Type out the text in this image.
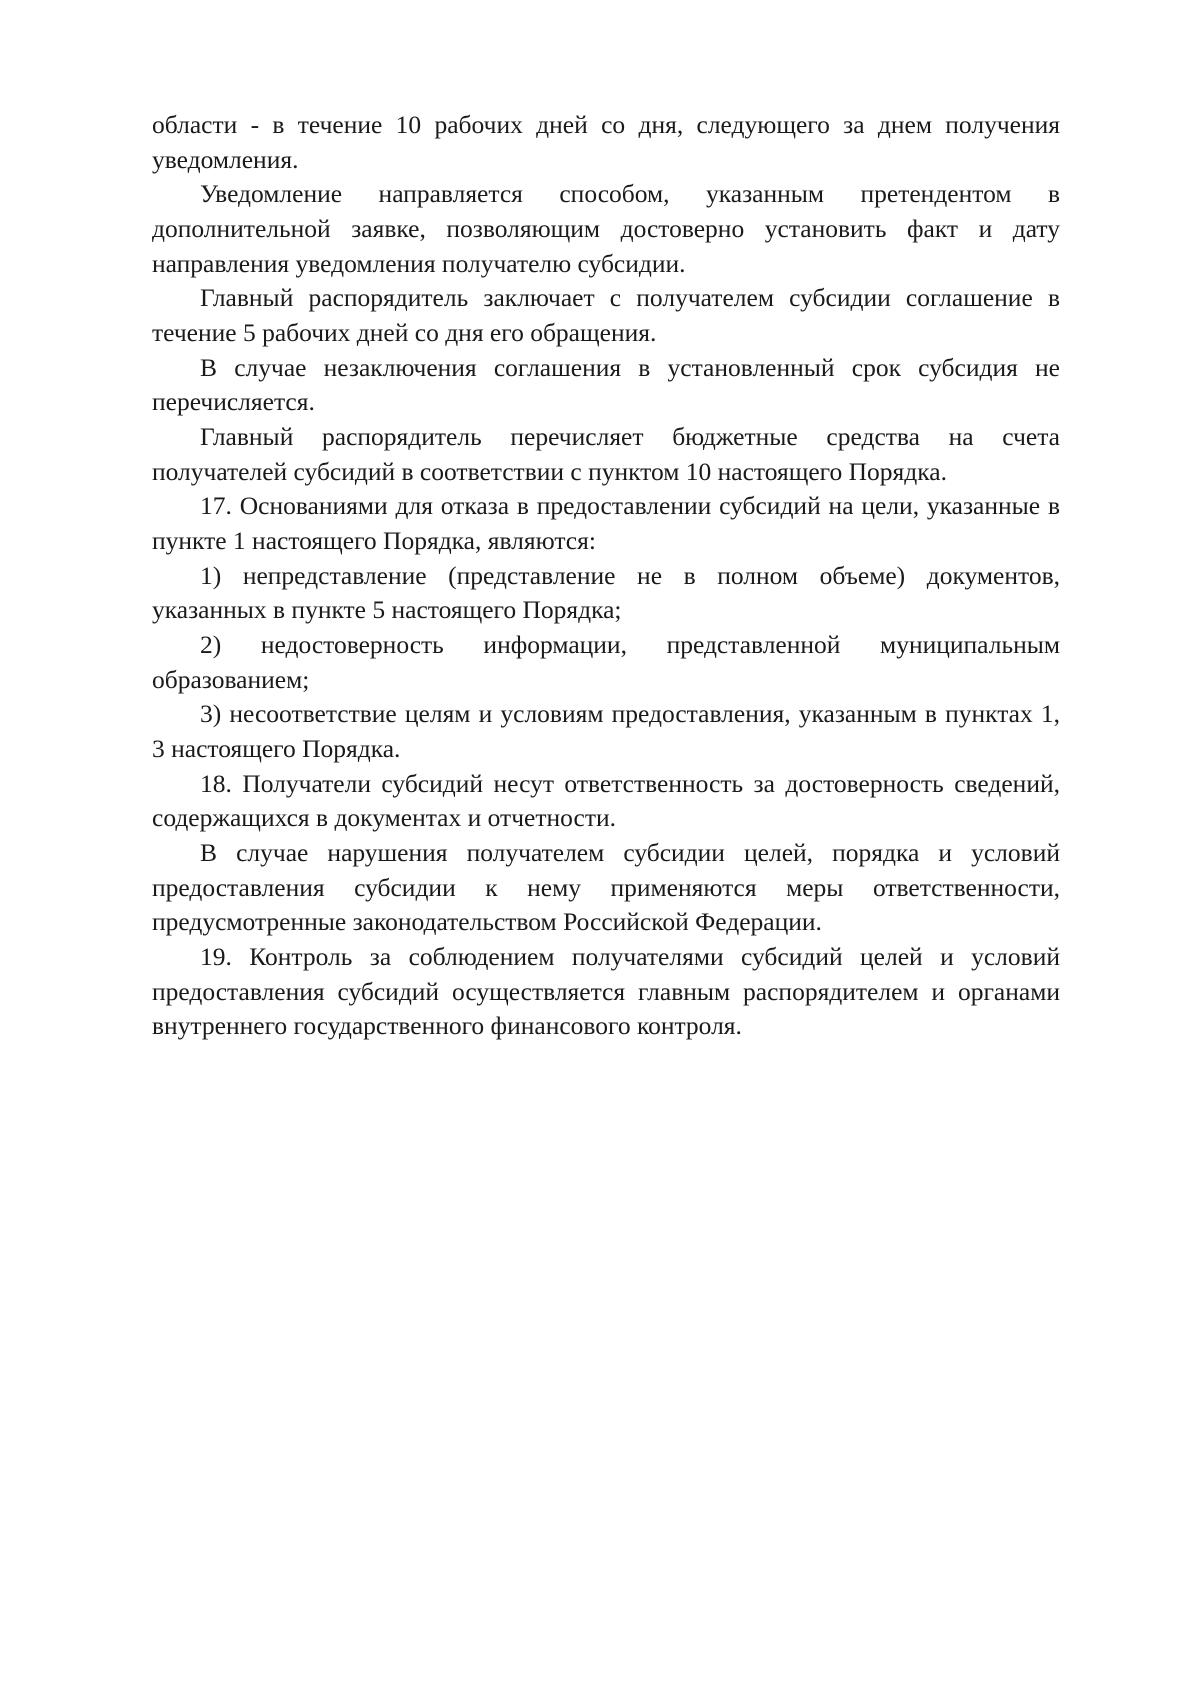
области - в течение 10 рабочих дней со дня, следующего за днем получения уведомления.

Уведомление направляется способом, указанным претендентом в дополнительной заявке, позволяющим достоверно установить факт и дату направления уведомления получателю субсидии.

Главный распорядитель заключает с получателем субсидии соглашение в течение 5 рабочих дней со дня его обращения.

В случае незаключения соглашения в установленный срок субсидия не перечисляется.

Главный распорядитель перечисляет бюджетные средства на счета получателей субсидий в соответствии с пунктом 10 настоящего Порядка.

17. Основаниями для отказа в предоставлении субсидий на цели, указанные в пункте 1 настоящего Порядка, являются:

1) непредставление (представление не в полном объеме) документов, указанных в пункте 5 настоящего Порядка;

2) недостоверность информации, представленной муниципальным образованием;

3) несоответствие целям и условиям предоставления, указанным в пунктах 1, 3 настоящего Порядка.

18. Получатели субсидий несут ответственность за достоверность сведений, содержащихся в документах и отчетности.

В случае нарушения получателем субсидии целей, порядка и условий предоставления субсидии к нему применяются меры ответственности, предусмотренные законодательством Российской Федерации.

19. Контроль за соблюдением получателями субсидий целей и условий предоставления субсидий осуществляется главным распорядителем и органами внутреннего государственного финансового контроля.
